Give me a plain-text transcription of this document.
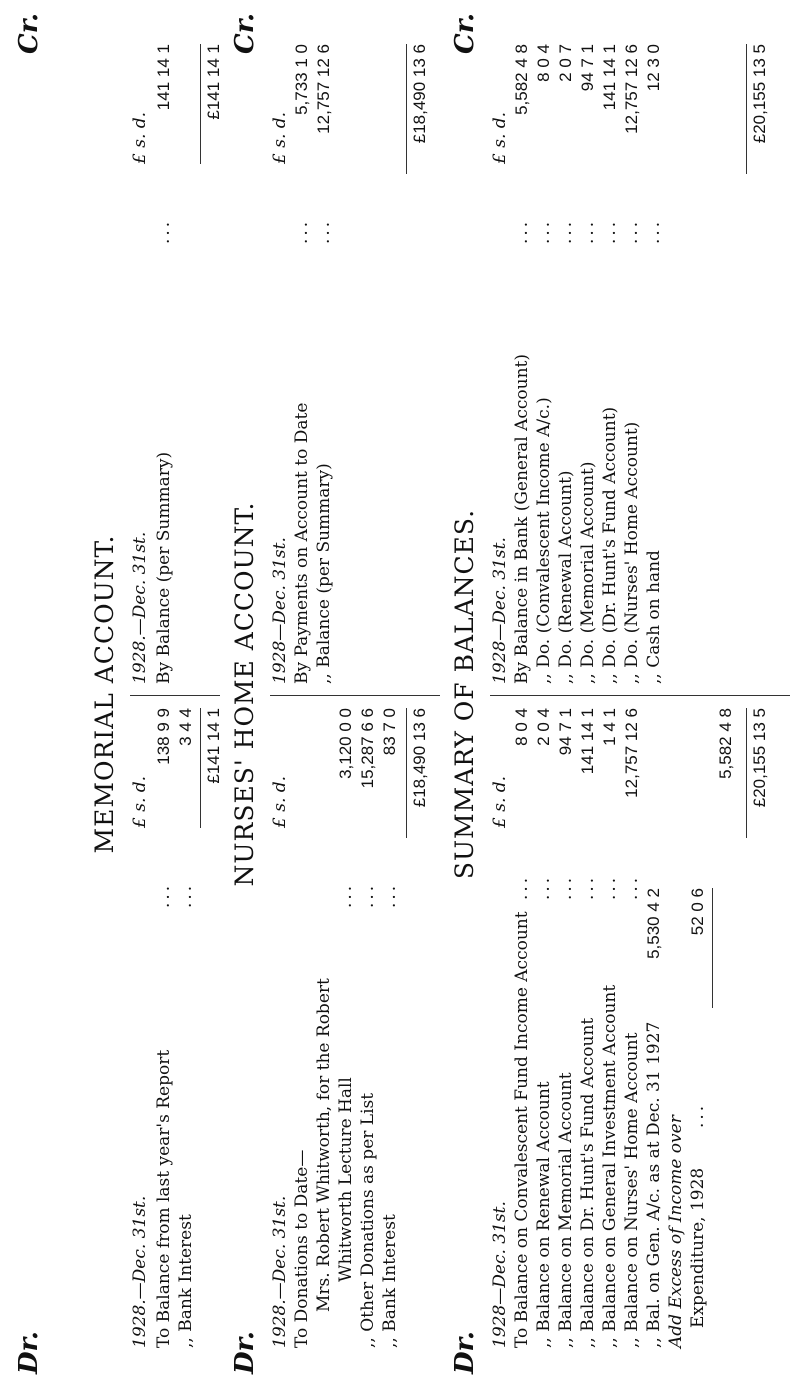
MEMORIAL ACCOUNT.
Dr.
Cr.
1928.—Dec. 31st.
£ s. d.
To Balance from last year's Report
...
138 9 9
,, Bank Interest
...
3 4 4 £141 14 1
1928.—Dec. 31st.
£ s. d.
By Balance (per Summary)
...
141 14 1 £141 14 1
NURSES' HOME ACCOUNT.
Dr.
Cr.
1928.—Dec. 31st.
£ s. d.
To Donations to Date— Mrs. Robert Whitworth, for the Robert Whitworth Lecture Hall
...
3,120 0 0
,, Other Donations as per List
...
15,287 6 6
,, Bank Interest
...
83 7 0 £18,490 13 6
1928—Dec. 31st.
£ s. d.
By Payments on Account to Date
...
5,733 1 0
,, Balance (per Summary)
...
12,757 12 6	£18,490 13 6
SUMMARY OF BALANCES.
Dr.
Cr.
1928—Dec. 31st.
£ s. d.
To Balance on Convalescent Fund Income Account
...
8 0 4
,, Balance on Renewal Account
...
2 0 4
,, Balance on Memorial Account
...
94 7 1
,, Balance on Dr. Hunt's Fund Account
...
141 14 1
,, Balance on General Investment Account
...
1 4 1
,, Balance on Nurses' Home Account
...
12,757 12 6
,, Bal. on Gen. A/c. as at Dec. 31 1927
5,530 4 2
Add Excess of Income over Expenditure, 1928
...
52 0 6
5,582 4 8 £20,155 13 5
1928—Dec. 31st.
£ s. d.
By Balance in Bank (General Account)
...
5,582 4 8
,, Do. (Convalescent Income A/c.)
...
8 0 4
,, Do. (Renewal Account)
...
2 0 7
,, Do. (Memorial Account)
...
94 7 1
,, Do. (Dr. Hunt's Fund Account)
...
141 14 1
,, Do. (Nurses' Home Account)
...
12,757 12 6
,, Cash on hand
...
12 3 0	£20,155 13 5
